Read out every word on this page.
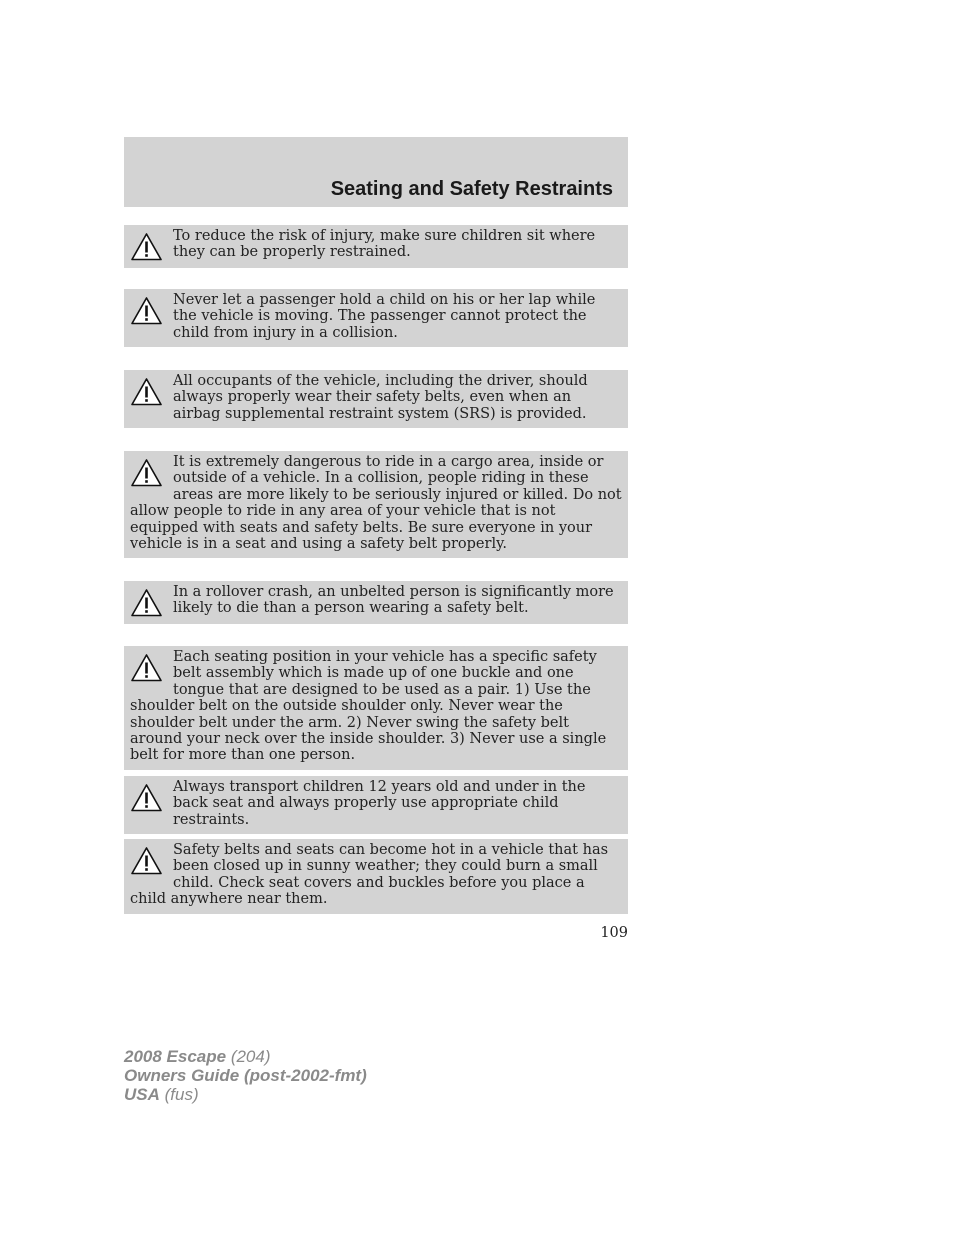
Seating and Safety Restraints
To reduce the risk of injury, make sure children sit where they can be properly restrained.
Never let a passenger hold a child on his or her lap while the vehicle is moving. The passenger cannot protect the child from injury in a collision.
All occupants of the vehicle, including the driver, should always properly wear their safety belts, even when an airbag supplemental restraint system (SRS) is provided.
It is extremely dangerous to ride in a cargo area, inside or outside of a vehicle. In a collision, people riding in these areas are more likely to be seriously injured or killed. Do not allow people to ride in any area of your vehicle that is not equipped with seats and safety belts. Be sure everyone in your vehicle is in a seat and using a safety belt properly.
In a rollover crash, an unbelted person is significantly more likely to die than a person wearing a safety belt.
Each seating position in your vehicle has a specific safety belt assembly which is made up of one buckle and one tongue that are designed to be used as a pair. 1) Use the shoulder belt on the outside shoulder only. Never wear the shoulder belt under the arm. 2) Never swing the safety belt around your neck over the inside shoulder. 3) Never use a single belt for more than one person.
Always transport children 12 years old and under in the back seat and always properly use appropriate child restraints.
Safety belts and seats can become hot in a vehicle that has been closed up in sunny weather; they could burn a small child. Check seat covers and buckles before you place a child anywhere near them.
109
2008 Escape (204)
Owners Guide (post-2002-fmt)
USA (fus)
